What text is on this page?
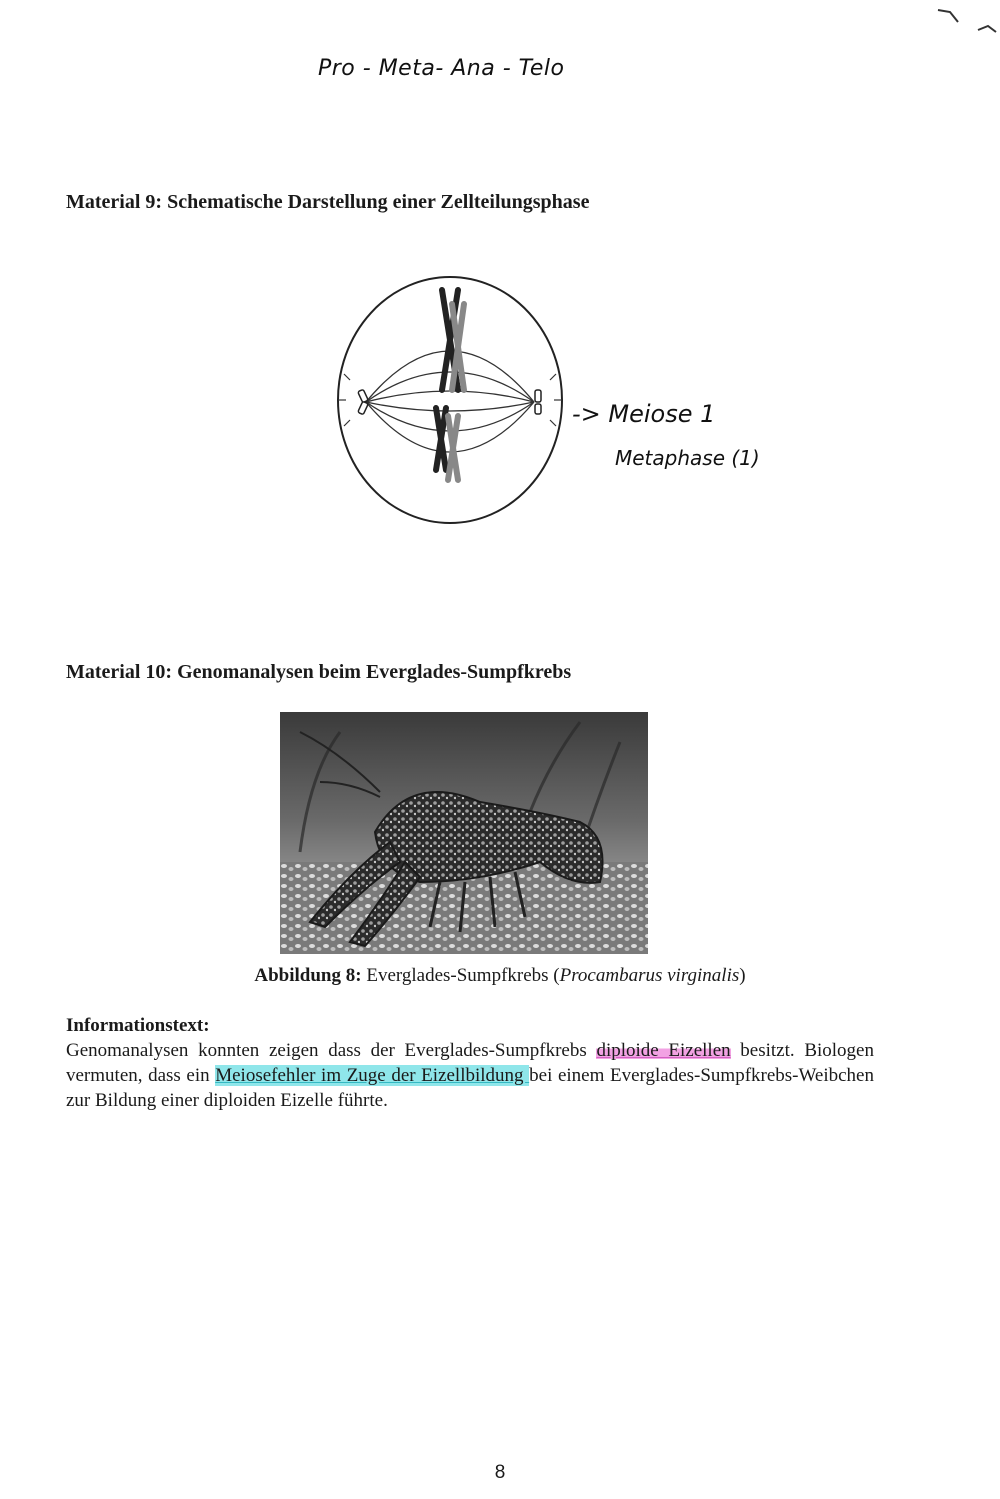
Pro - Meta- Ana - Telo
Material 9: Schematische Darstellung einer Zellteilungsphase
-> Meiose 1
Metaphase (1)
Material 10: Genomanalysen beim Everglades-Sumpfkrebs

Abbildung 8: Everglades-Sumpfkrebs (Procambarus virginalis)

Informationstext:

Genomanalysen konnten zeigen dass der Everglades-Sumpfkrebs diploide Eizellen besitzt. Biologen vermuten, dass ein Meiosefehler im Zuge der Eizellbildung bei einem Everglades-Sumpfkrebs-Weibchen zur Bildung einer diploiden Eizelle führte.

8
